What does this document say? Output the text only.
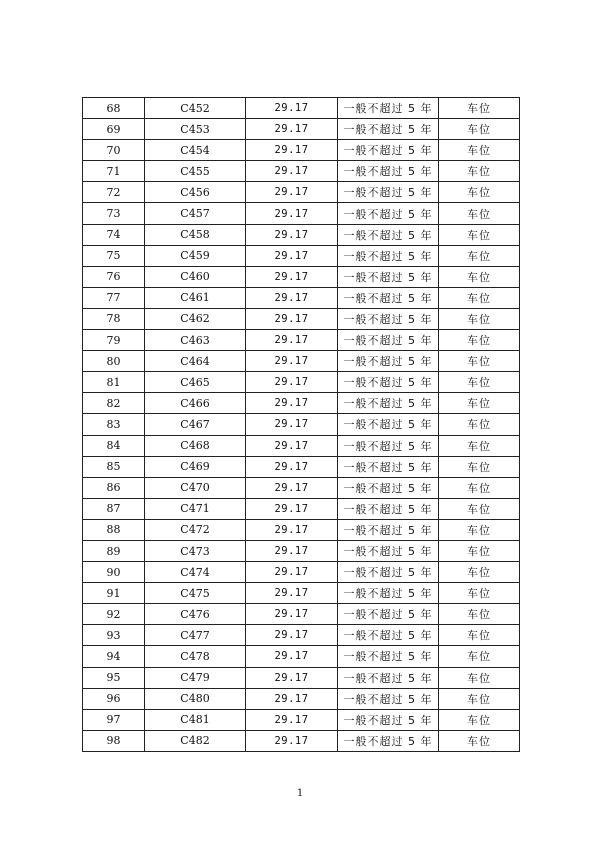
68	C452	29.17	一般不超过 5 年	车位
69	C453	29.17	一般不超过 5 年	车位
70	C454	29.17	一般不超过 5 年	车位
71	C455	29.17	一般不超过 5 年	车位
72	C456	29.17	一般不超过 5 年	车位
73	C457	29.17	一般不超过 5 年	车位
74	C458	29.17	一般不超过 5 年	车位
75	C459	29.17	一般不超过 5 年	车位
76	C460	29.17	一般不超过 5 年	车位
77	C461	29.17	一般不超过 5 年	车位
78	C462	29.17	一般不超过 5 年	车位
79	C463	29.17	一般不超过 5 年	车位
80	C464	29.17	一般不超过 5 年	车位
81	C465	29.17	一般不超过 5 年	车位
82	C466	29.17	一般不超过 5 年	车位
83	C467	29.17	一般不超过 5 年	车位
84	C468	29.17	一般不超过 5 年	车位
85	C469	29.17	一般不超过 5 年	车位
86	C470	29.17	一般不超过 5 年	车位
87	C471	29.17	一般不超过 5 年	车位
88	C472	29.17	一般不超过 5 年	车位
89	C473	29.17	一般不超过 5 年	车位
90	C474	29.17	一般不超过 5 年	车位
91	C475	29.17	一般不超过 5 年	车位
92	C476	29.17	一般不超过 5 年	车位
93	C477	29.17	一般不超过 5 年	车位
94	C478	29.17	一般不超过 5 年	车位
95	C479	29.17	一般不超过 5 年	车位
96	C480	29.17	一般不超过 5 年	车位
97	C481	29.17	一般不超过 5 年	车位
98	C482	29.17	一般不超过 5 年	车位
1
